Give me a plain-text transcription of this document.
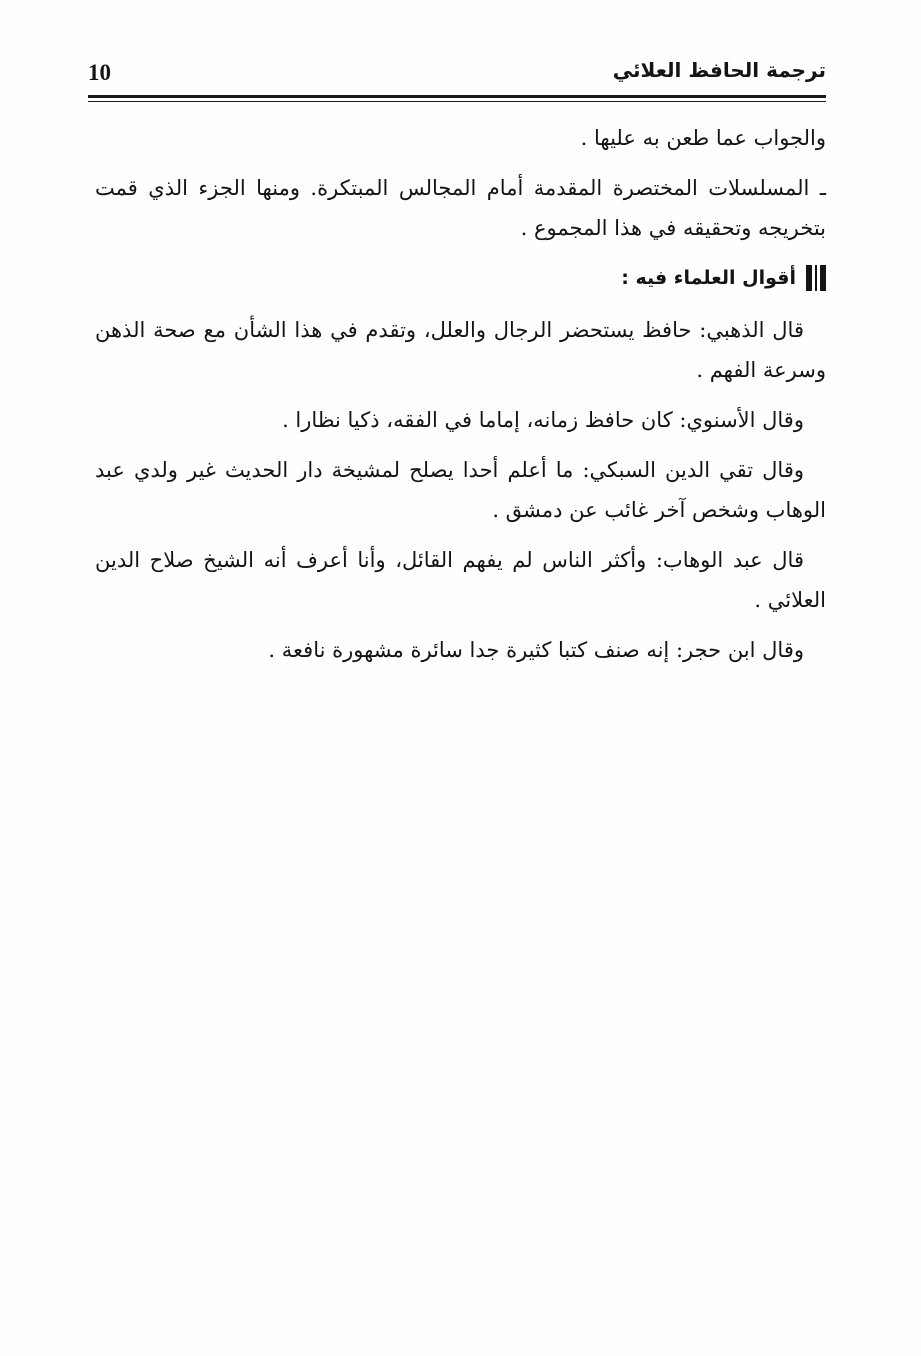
10	ترجمة الحافظ العلائي

والجواب عما طعن به عليها .

ـ المسلسلات المختصرة المقدمة أمام المجالس المبتكرة. ومنها الجزء الذي قمت بتخريجه وتحقيقه في هذا المجموع .

أقوال العلماء فيه :

قال الذهبي: حافظ يستحضر الرجال والعلل، وتقدم في هذا الشأن مع صحة الذهن وسرعة الفهم .

وقال الأسنوي: كان حافظ زمانه، إماما في الفقه، ذكيا نظارا .

وقال تقي الدين السبكي: ما أعلم أحدا يصلح لمشيخة دار الحديث غير ولدي عبد الوهاب وشخص آخر غائب عن دمشق .

قال عبد الوهاب: وأكثر الناس لم يفهم القائل، وأنا أعرف أنه الشيخ صلاح الدين العلائي .

وقال ابن حجر: إنه صنف كتبا كثيرة جدا سائرة مشهورة نافعة .
